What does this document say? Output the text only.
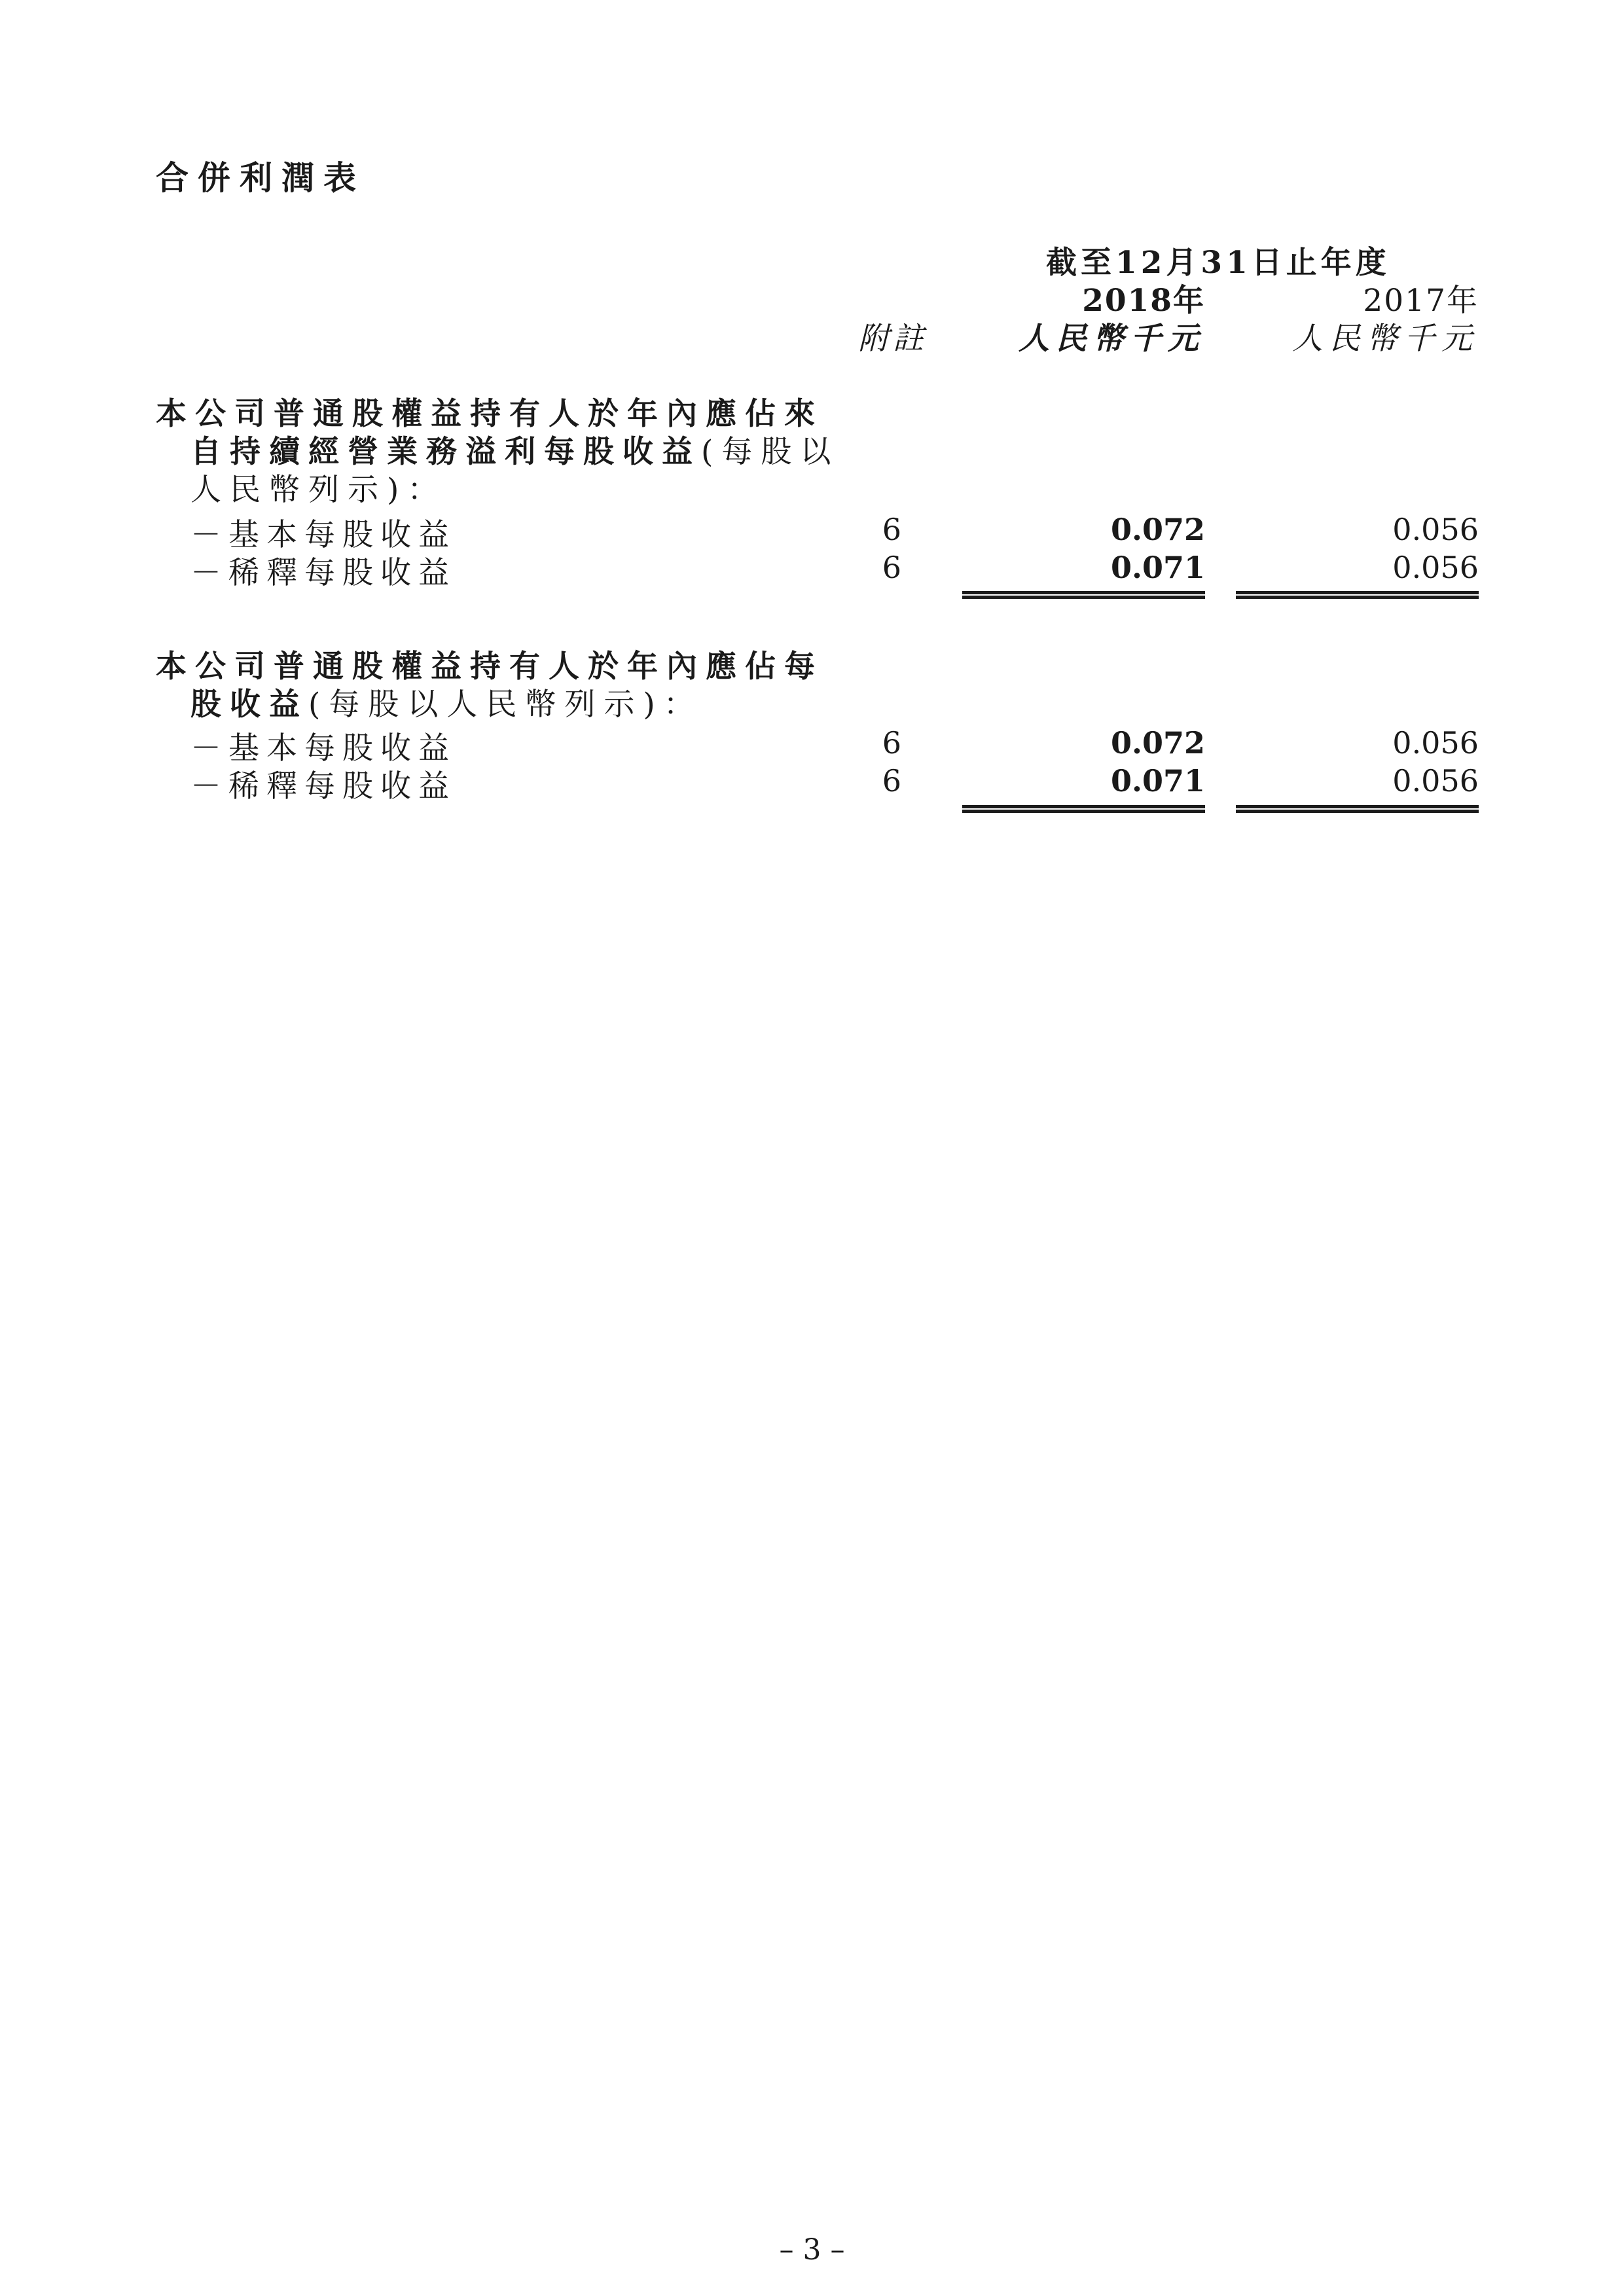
合併利潤表
截至12月31日止年度
2018年	2017年
附註	人民幣千元	人民幣千元
本公司普通股權益持有人於年內應佔來
自持續經營業務溢利每股收益(每股以
人民幣列示)：
－基本每股收益	6	0.072	0.056
－稀釋每股收益	6	0.071	0.056
本公司普通股權益持有人於年內應佔每
股收益(每股以人民幣列示)：
－基本每股收益	6	0.072	0.056
－稀釋每股收益	6	0.071	0.056
– 3 –
